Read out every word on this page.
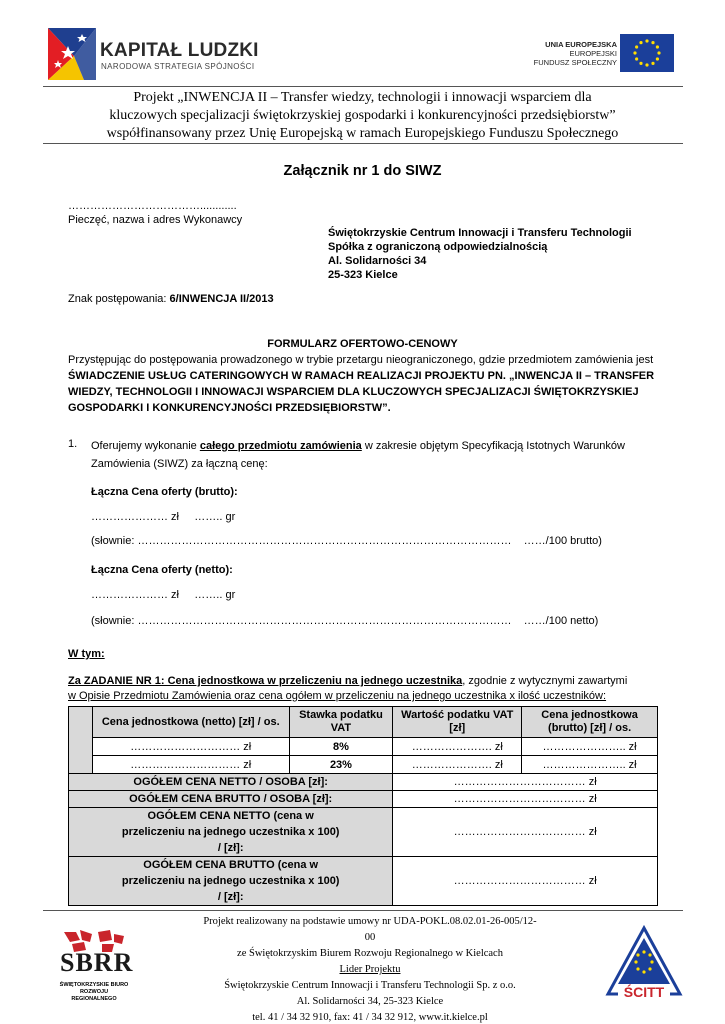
KAPITAŁ LUDZKI
NARODOWA STRATEGIA SPÓJNOŚCI
UNIA EUROPEJSKA
EUROPEJSKI
FUNDUSZ SPOŁECZNY
Projekt „INWENCJA II – Transfer wiedzy, technologii i innowacji wsparciem dla
kluczowych specjalizacji świętokrzyskiej gospodarki i konkurencyjności przedsiębiorstw”
współfinansowany przez Unię Europejską w ramach Europejskiego Funduszu Społecznego
Załącznik nr 1 do SIWZ
………………………………............
Pieczęć, nazwa i adres Wykonawcy
Świętokrzyskie Centrum Innowacji i Transferu Technologii
Spółka z ograniczoną odpowiedzialnością
Al. Solidarności 34
25-323 Kielce
Znak postępowania: 6/INWENCJA II/2013
FORMULARZ OFERTOWO-CENOWY
Przystępując do postępowania prowadzonego w trybie przetargu nieograniczonego, gdzie przedmiotem zamówienia jest
ŚWIADCZENIE USŁUG CATERINGOWYCH W RAMACH REALIZACJI PROJEKTU PN. „INWENCJA II – TRANSFER
WIEDZY, TECHNOLOGII I INNOWACJI WSPARCIEM DLA KLUCZOWYCH SPECJALIZACJI ŚWIĘTOKRZYSKIEJ
GOSPODARKI I KONKURENCYJNOŚCI PRZEDSIĘBIORSTW”.
1. Oferujemy wykonanie całego przedmiotu zamówienia w zakresie objętym Specyfikacją Istotnych Warunków
Zamówienia (SIWZ) za łączną cenę:
Łączna Cena oferty (brutto):
………………… zł     …….. gr
(słownie: …………………………………………………………………………………………    ……/100 brutto)
Łączna Cena oferty (netto):
………………… zł     …….. gr
(słownie: …………………………………………………………………………………………    ……/100 netto)
W tym:
Za ZADANIE NR 1: Cena jednostkowa w przeliczeniu na jednego uczestnika, zgodnie z wytycznymi zawartymi
w Opisie Przedmiotu Zamówienia oraz cena ogółem w przeliczeniu na jednego uczestnika x ilość uczestników:
	Cena jednostkowa (netto) [zł] / os.	Stawka podatku VAT	Wartość podatku VAT [zł]	Cena jednostkowa (brutto) [zł] / os.
	………………………… zł	8%	…………………. zł	………………….. zł
	………………………… zł	23%	…………………. zł	………………….. zł
OGÓŁEM CENA NETTO / OSOBA [zł]:			……………………………… zł	
OGÓŁEM CENA BRUTTO / OSOBA [zł]:			……………………………… zł	
OGÓŁEM CENA NETTO (cena w przeliczeniu na jednego uczestnika x 100) / [zł]:			……………………………… zł	
OGÓŁEM CENA BRUTTO (cena w przeliczeniu na jednego uczestnika x 100) / [zł]:			……………………………… zł	
SBRR
ŚWIĘTOKRZYSKIE BIURO
ROZWOJU REGIONALNEGO
Projekt realizowany na podstawie umowy nr UDA-POKL.08.02.01-26-005/12-00
ze Świętokrzyskim Biurem Rozwoju Regionalnego w Kielcach
Lider Projektu
Świętokrzyskie Centrum Innowacji i Transferu Technologii Sp. z o.o.
Al. Solidarności 34, 25-323 Kielce
tel. 41 / 34 32 910, fax: 41 / 34 32 912, www.it.kielce.pl
ŚCITT
